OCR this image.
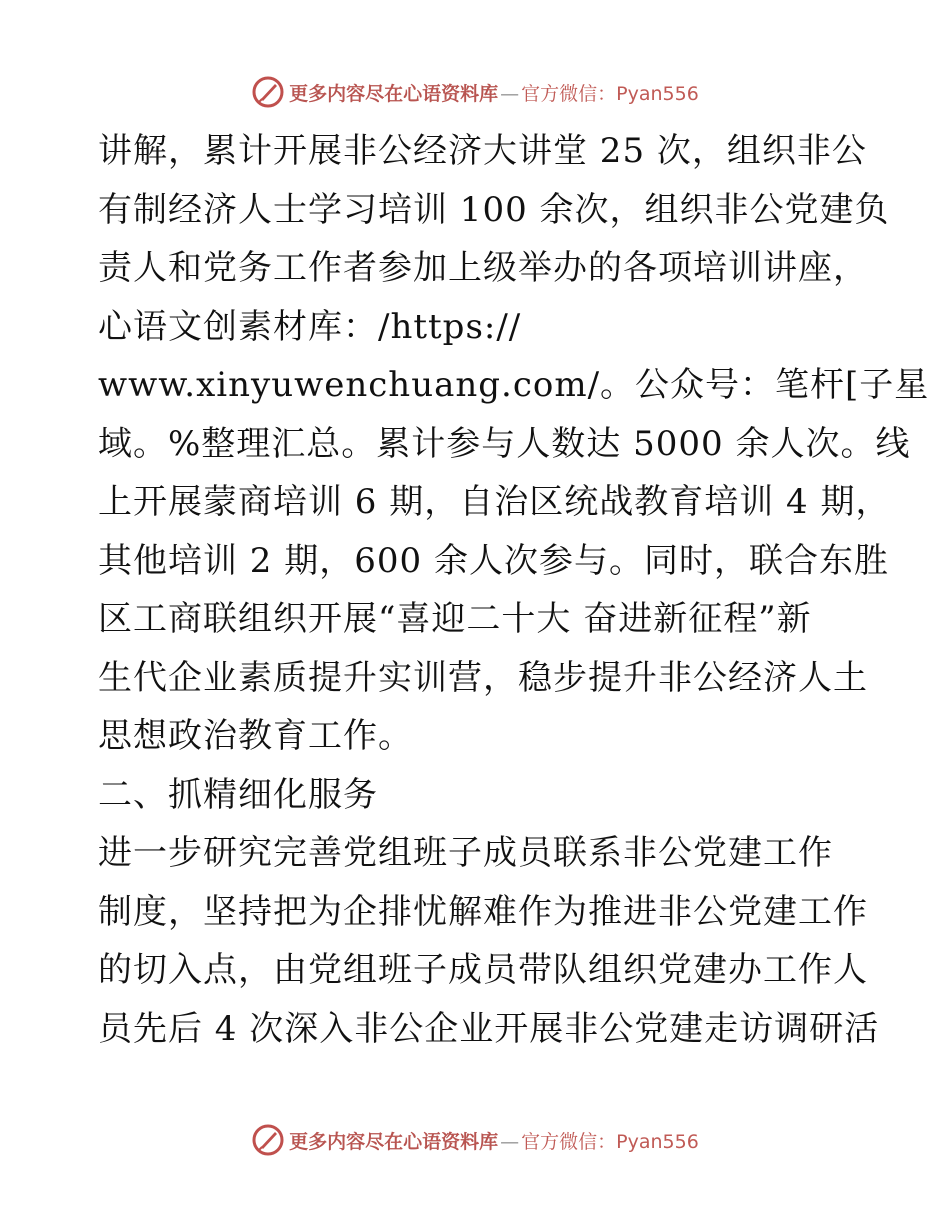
更多内容尽在心语资料库 — 官方微信：Pyan556
讲解，累计开展非公经济大讲堂 25 次，组织非公
有制经济人士学习培训 100 余次，组织非公党建负
责人和党务工作者参加上级举办的各项培训讲座，
心语文创素材库：/https://
www.xinyuwenchuang.com/。公众号：笔杆[子星
域。%整理汇总。累计参与人数达 5000 余人次。线
上开展蒙商培训 6 期，自治区统战教育培训 4 期，
其他培训 2 期，600 余人次参与。同时，联合东胜
区工商联组织开展“喜迎二十大 奋进新征程”新
生代企业素质提升实训营，稳步提升非公经济人土
思想政治教育工作。
二、抓精细化服务
进一步研究完善党组班子成员联系非公党建工作
制度，坚持把为企排忧解难作为推进非公党建工作
的切入点，由党组班子成员带队组织党建办工作人
员先后 4 次深入非公企业开展非公党建走访调研活
更多内容尽在心语资料库 — 官方微信：Pyan556
